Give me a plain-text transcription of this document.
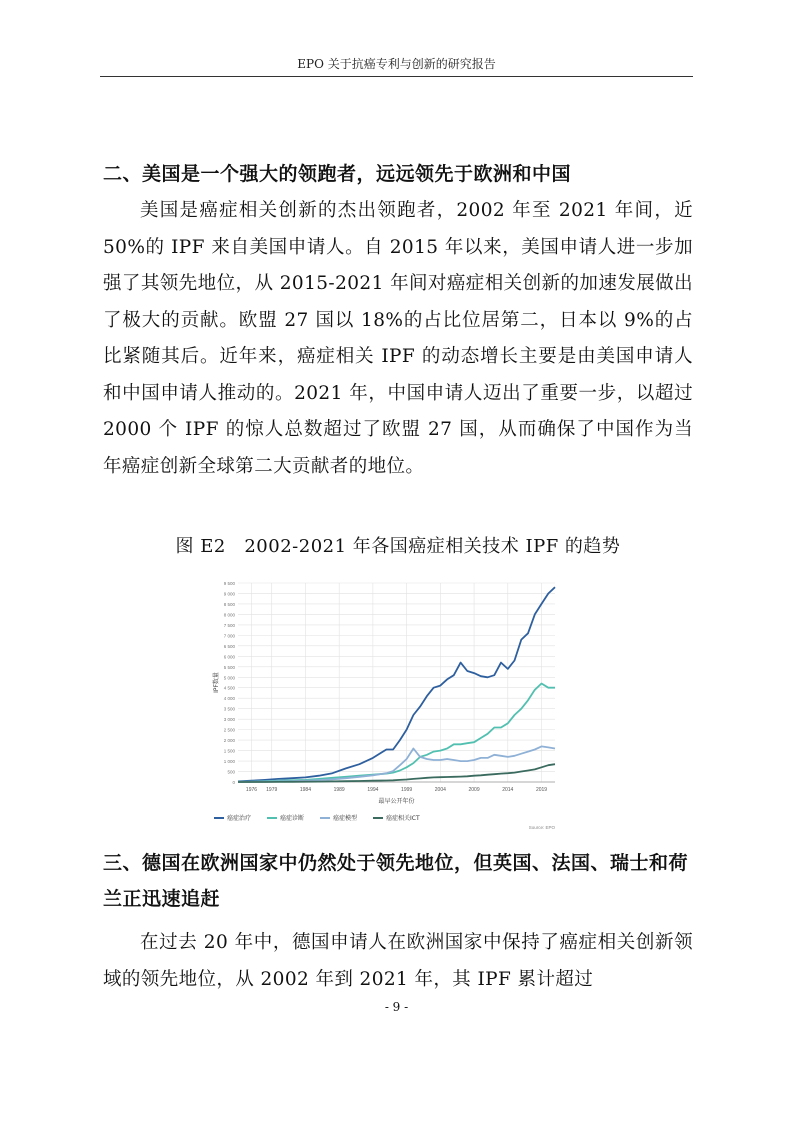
EPO 关于抗癌专利与创新的研究报告
二、美国是一个强大的领跑者，远远领先于欧洲和中国
美国是癌症相关创新的杰出领跑者，2002 年至 2021 年间，近 50%的 IPF 来自美国申请人。自 2015 年以来，美国申请人进一步加强了其领先地位，从 2015-2021 年间对癌症相关创新的加速发展做出了极大的贡献。欧盟 27 国以 18%的占比位居第二，日本以 9%的占比紧随其后。近年来，癌症相关 IPF 的动态增长主要是由美国申请人和中国申请人推动的。2021 年，中国申请人迈出了重要一步，以超过 2000 个 IPF 的惊人总数超过了欧盟 27 国，从而确保了中国作为当年癌症创新全球第二大贡献者的地位。
图 E2　2002-2021 年各国癌症相关技术 IPF 的趋势
0
500
1 000
1 500
2 000
2 500
3 000
3 500
4 000
4 500
5 000
5 500
6 000
6 500
7 000
7 500
8 000
8 500
9 000
9 500
1976 1979	1984	1989	1994	1999	2004	2009	2014	2019
IPF数量
最早公开年份
癌症治疗	癌症诊断	癌症模型	癌症相关ICT
Source: EPO
三、德国在欧洲国家中仍然处于领先地位，但英国、法国、瑞士和荷兰正迅速追赶
在过去 20 年中，德国申请人在欧洲国家中保持了癌症相关创新领域的领先地位，从 2002 年到 2021 年，其 IPF 累计超过
- 9 -
